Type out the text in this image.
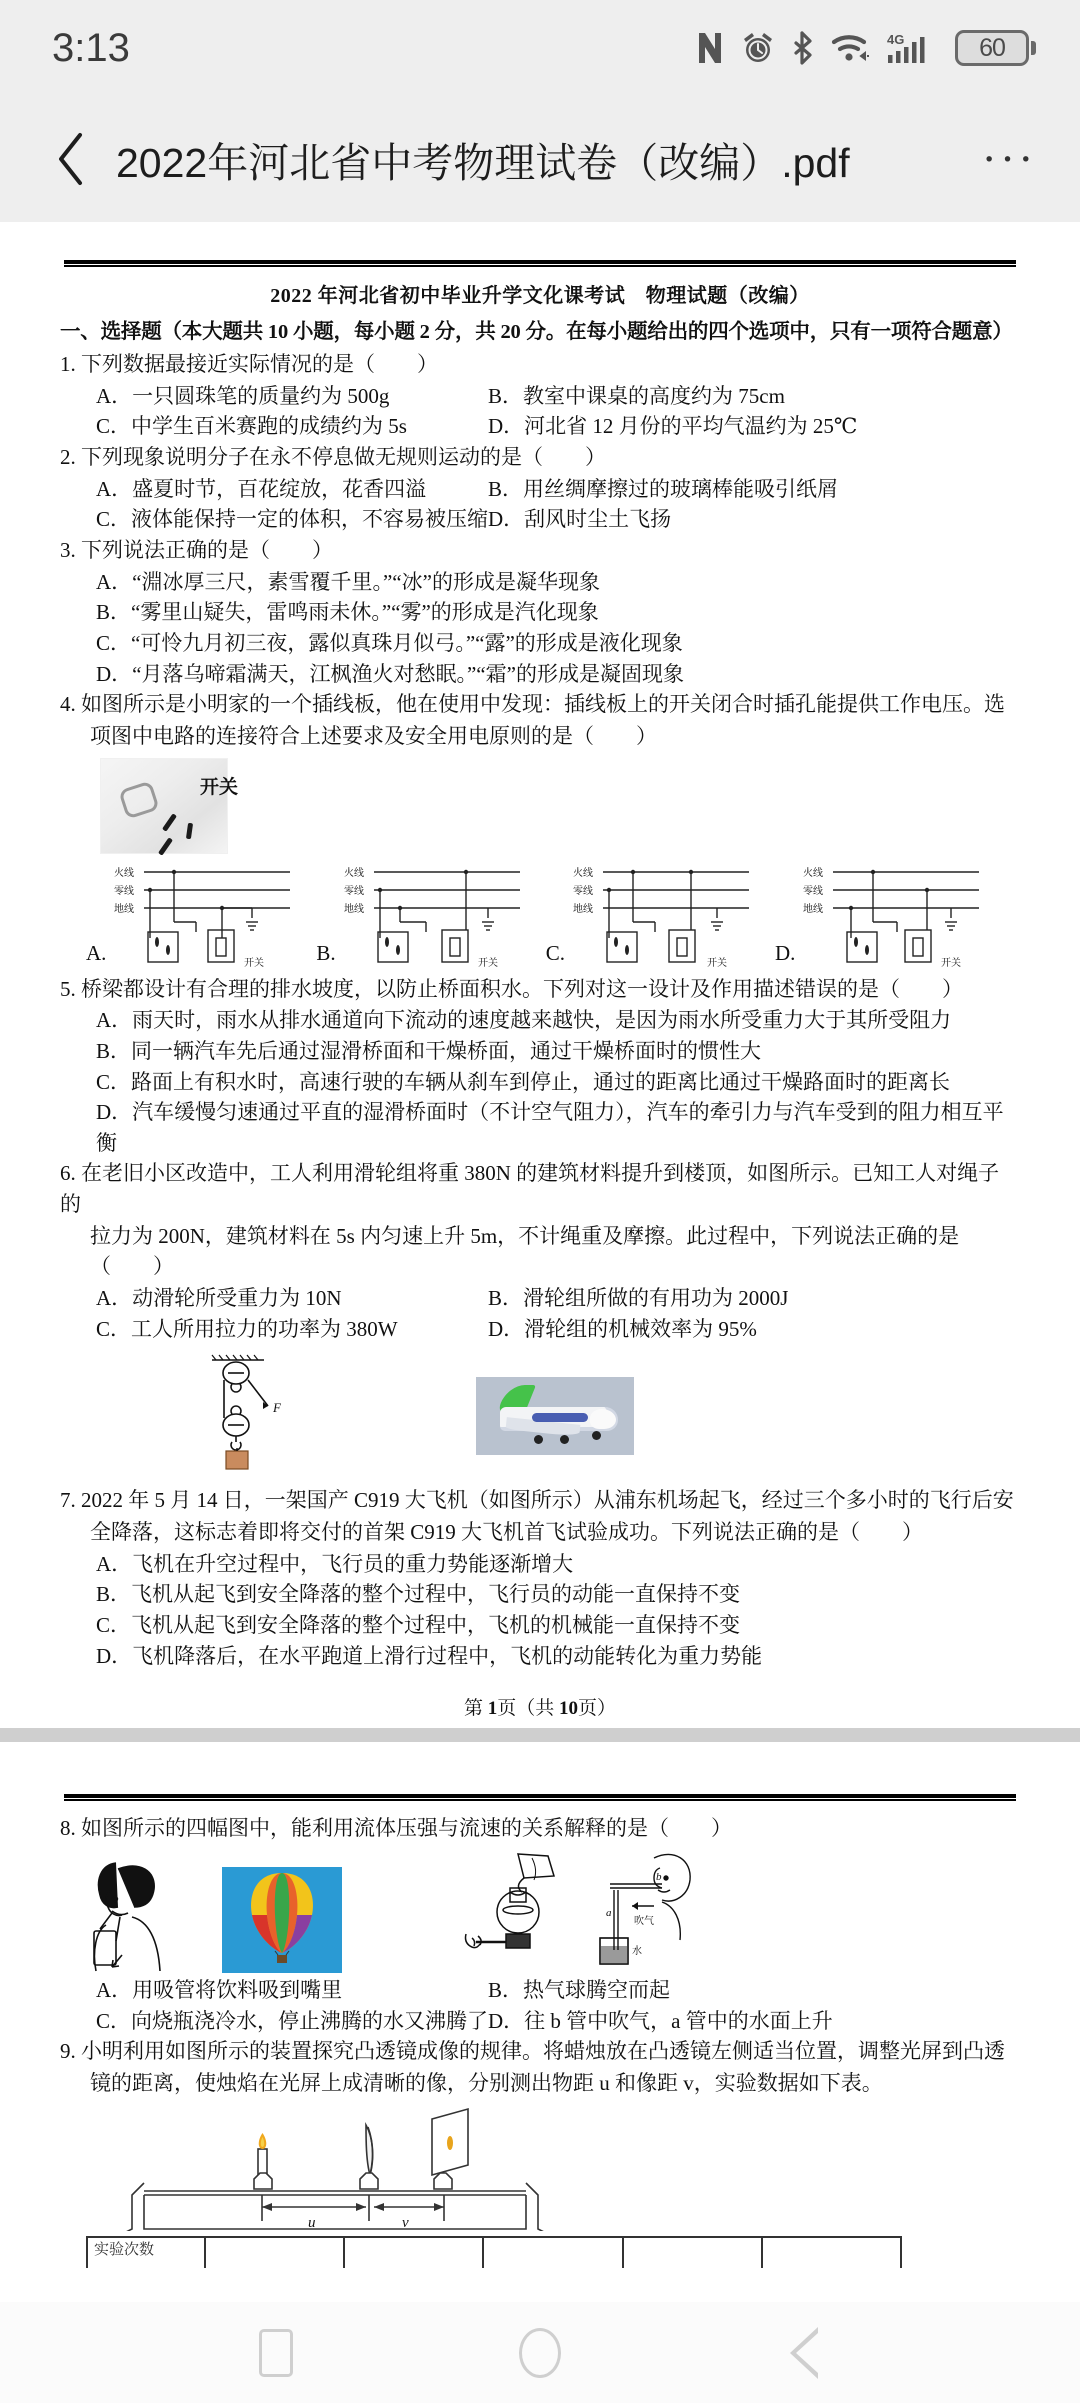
3:13	4G	60
2022年河北省中考物理试卷（改编）.pdf	···
2022 年河北省初中毕业升学文化课考试　物理试题（改编）
一、选择题（本大题共 10 小题，每小题 2 分，共 20 分。在每小题给出的四个选项中，只有一项符合题意）
1. 下列数据最接近实际情况的是（　　）
A．一只圆珠笔的质量约为 500g	B．教室中课桌的高度约为 75cm
C．中学生百米赛跑的成绩约为 5s	D．河北省 12 月份的平均气温约为 25℃
2. 下列现象说明分子在永不停息做无规则运动的是（　　）
A．盛夏时节，百花绽放，花香四溢	B．用丝绸摩擦过的玻璃棒能吸引纸屑
C．液体能保持一定的体积，不容易被压缩 D．刮风时尘土飞扬
3. 下列说法正确的是（　　）
A．“淵冰厚三尺，素雪覆千里。”“冰”的形成是凝华现象
B．“雾里山疑失，雷鸣雨未休。”“雾”的形成是汽化现象
C．“可怜九月初三夜，露似真珠月似弓。”“露”的形成是液化现象
D．“月落乌啼霜满天，江枫渔火对愁眠。”“霜”的形成是凝固现象
4. 如图所示是小明家的一个插线板，他在使用中发现：插线板上的开关闭合时插孔能提供工作电压。选
项图中电路的连接符合上述要求及安全用电原则的是（　　）
开关
A.
火线
零线
地线
开关	B.
火线
零线
地线
开关	C.
火线
零线
地线
开关	D.
火线
零线
地线
开关
5. 桥梁都设计有合理的排水坡度，以防止桥面积水。下列对这一设计及作用描述错误的是（　　）
A．雨天时，雨水从排水通道向下流动的速度越来越快，是因为雨水所受重力大于其所受阻力
B．同一辆汽车先后通过湿滑桥面和干燥桥面，通过干燥桥面时的惯性大
C．路面上有积水时，高速行驶的车辆从刹车到停止，通过的距离比通过干燥路面时的距离长
D．汽车缓慢匀速通过平直的湿滑桥面时（不计空气阻力），汽车的牽引力与汽车受到的阻力相互平衡
6. 在老旧小区改造中，工人利用滑轮组将重 380N 的建筑材料提升到楼顶，如图所示。已知工人对绳子的
拉力为 200N，建筑材料在 5s 内匀速上升 5m，不计绳重及摩擦。此过程中，下列说法正确的是（　　）
A．动滑轮所受重力为 10N	B．滑轮组所做的有用功为 2000J
C．工人所用拉力的功率为 380W	D．滑轮组的机械效率为 95%
F
7. 2022 年 5 月 14 日，一架国产 C919 大飞机（如图所示）从浦东机场起飞，经过三个多小时的飞行后安
全降落，这标志着即将交付的首架 C919 大飞机首飞试验成功。下列说法正确的是（　　）
A．飞机在升空过程中，飞行员的重力势能逐渐增大
B．飞机从起飞到安全降落的整个过程中，飞行员的动能一直保持不变
C．飞机从起飞到安全降落的整个过程中，飞机的机械能一直保持不变
D．飞机降落后，在水平跑道上滑行过程中，飞机的动能转化为重力势能
第 1页（共 10页）
8. 如图所示的四幅图中，能利用流体压强与流速的关系解释的是（　　）
a
b
吹气
水
A．用吸管将饮料吸到嘴里	B．热气球腾空而起
C．向烧瓶浇冷水，停止沸腾的水又沸腾了 D．往 b 管中吹气，a 管中的水面上升
9. 小明利用如图所示的装置探究凸透镜成像的规律。将蜡烛放在凸透镜左侧适当位置，调整光屏到凸透
镜的距离，使烛焰在光屏上成清晰的像，分别测出物距 u 和像距 v，实验数据如下表。
u	v
实验次数
